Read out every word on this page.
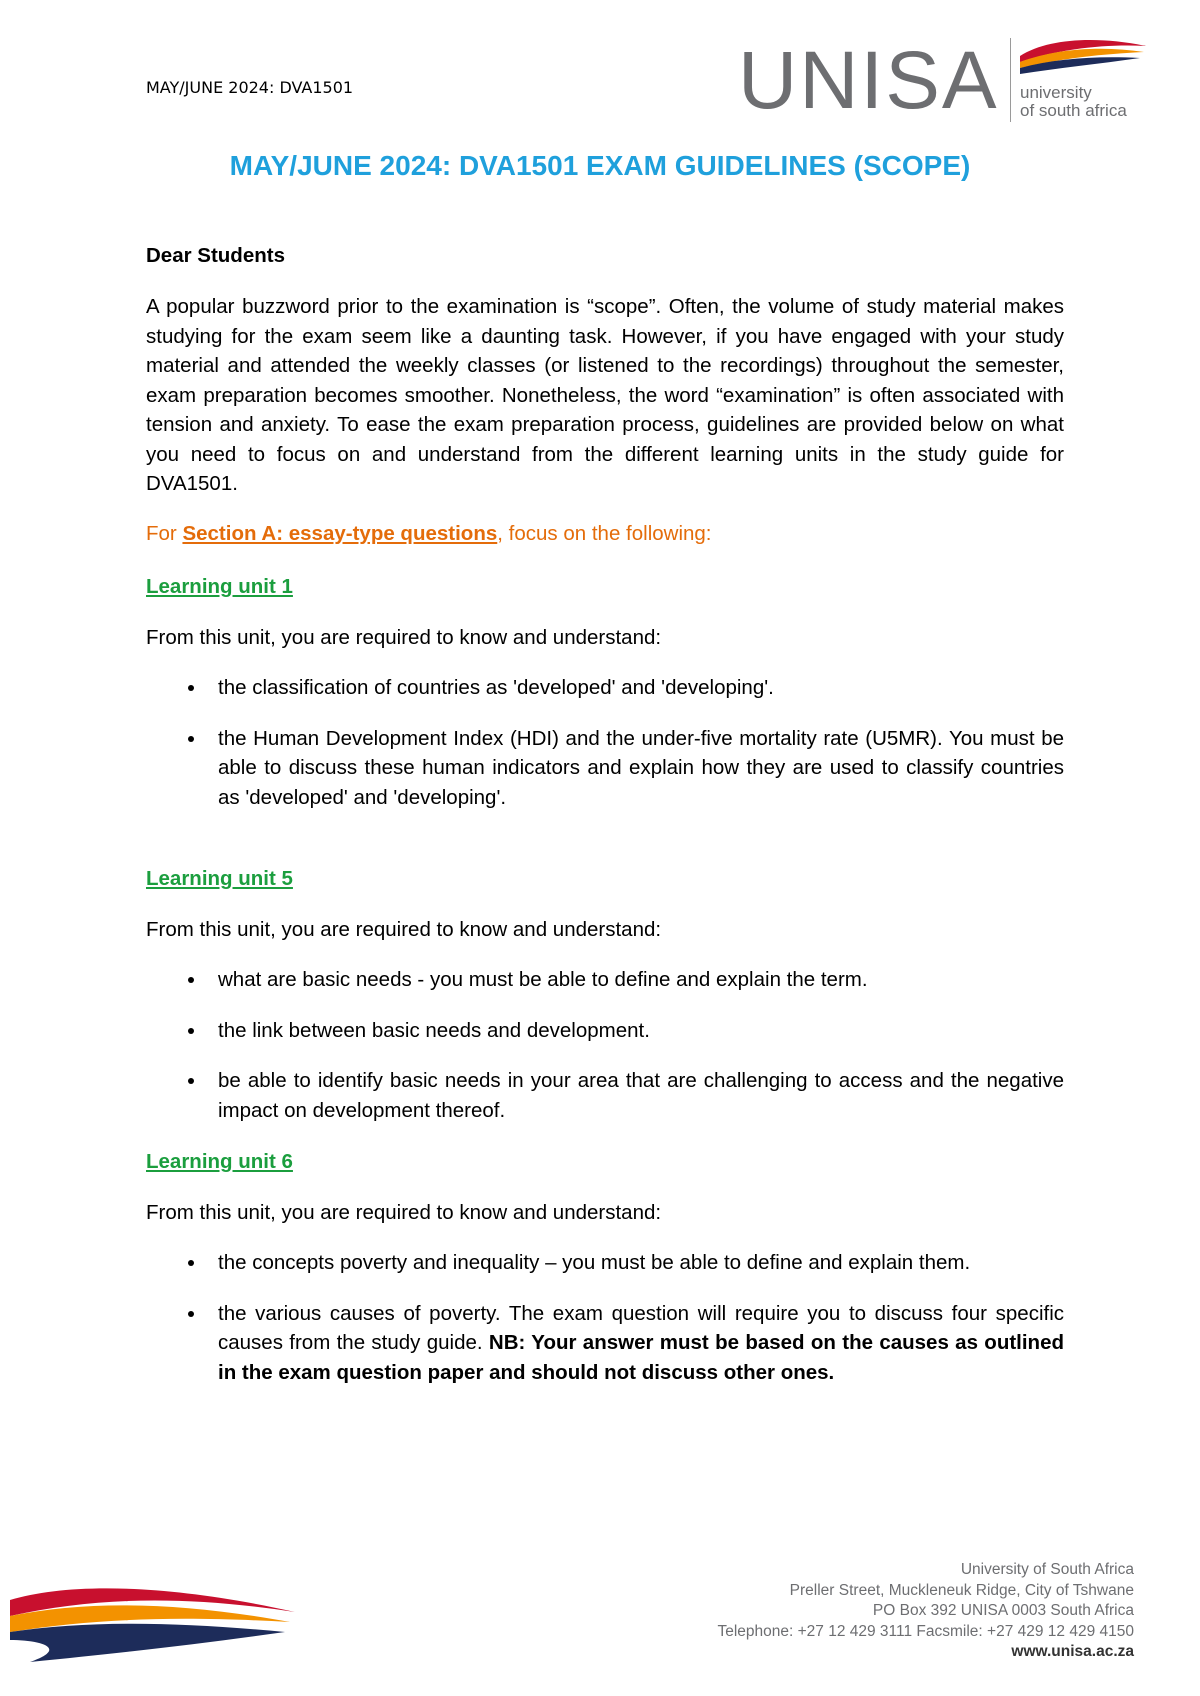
MAY/JUNE 2024: DVA1501	UNISA university
of south africa
MAY/JUNE 2024: DVA1501 EXAM GUIDELINES (SCOPE)

Dear Students

A popular buzzword prior to the examination is “scope”. Often, the volume of study material makes studying for the exam seem like a daunting task. However, if you have engaged with your study material and attended the weekly classes (or listened to the recordings) throughout the semester, exam preparation becomes smoother. Nonetheless, the word “examination” is often associated with tension and anxiety. To ease the exam preparation process, guidelines are provided below on what you need to focus on and understand from the different learning units in the study guide for DVA1501.

For Section A: essay-type questions, focus on the following:

Learning unit 1

From this unit, you are required to know and understand:

the classification of countries as 'developed' and 'developing'.
the Human Development Index (HDI) and the under-five mortality rate (U5MR). You must be able to discuss these human indicators and explain how they are used to classify countries as 'developed' and 'developing'.

Learning unit 5

From this unit, you are required to know and understand:

what are basic needs - you must be able to define and explain the term.
the link between basic needs and development.
be able to identify basic needs in your area that are challenging to access and the negative impact on development thereof.

Learning unit 6

From this unit, you are required to know and understand:

the concepts poverty and inequality – you must be able to define and explain them.
the various causes of poverty. The exam question will require you to discuss four specific causes from the study guide. NB: Your answer must be based on the causes as outlined in the exam question paper and should not discuss other ones.
University of South Africa
Preller Street, Muckleneuk Ridge, City of Tshwane
PO Box 392 UNISA 0003 South Africa
Telephone: +27 12 429 3111 Facsmile: +27 429 12 429 4150
www.unisa.ac.za
